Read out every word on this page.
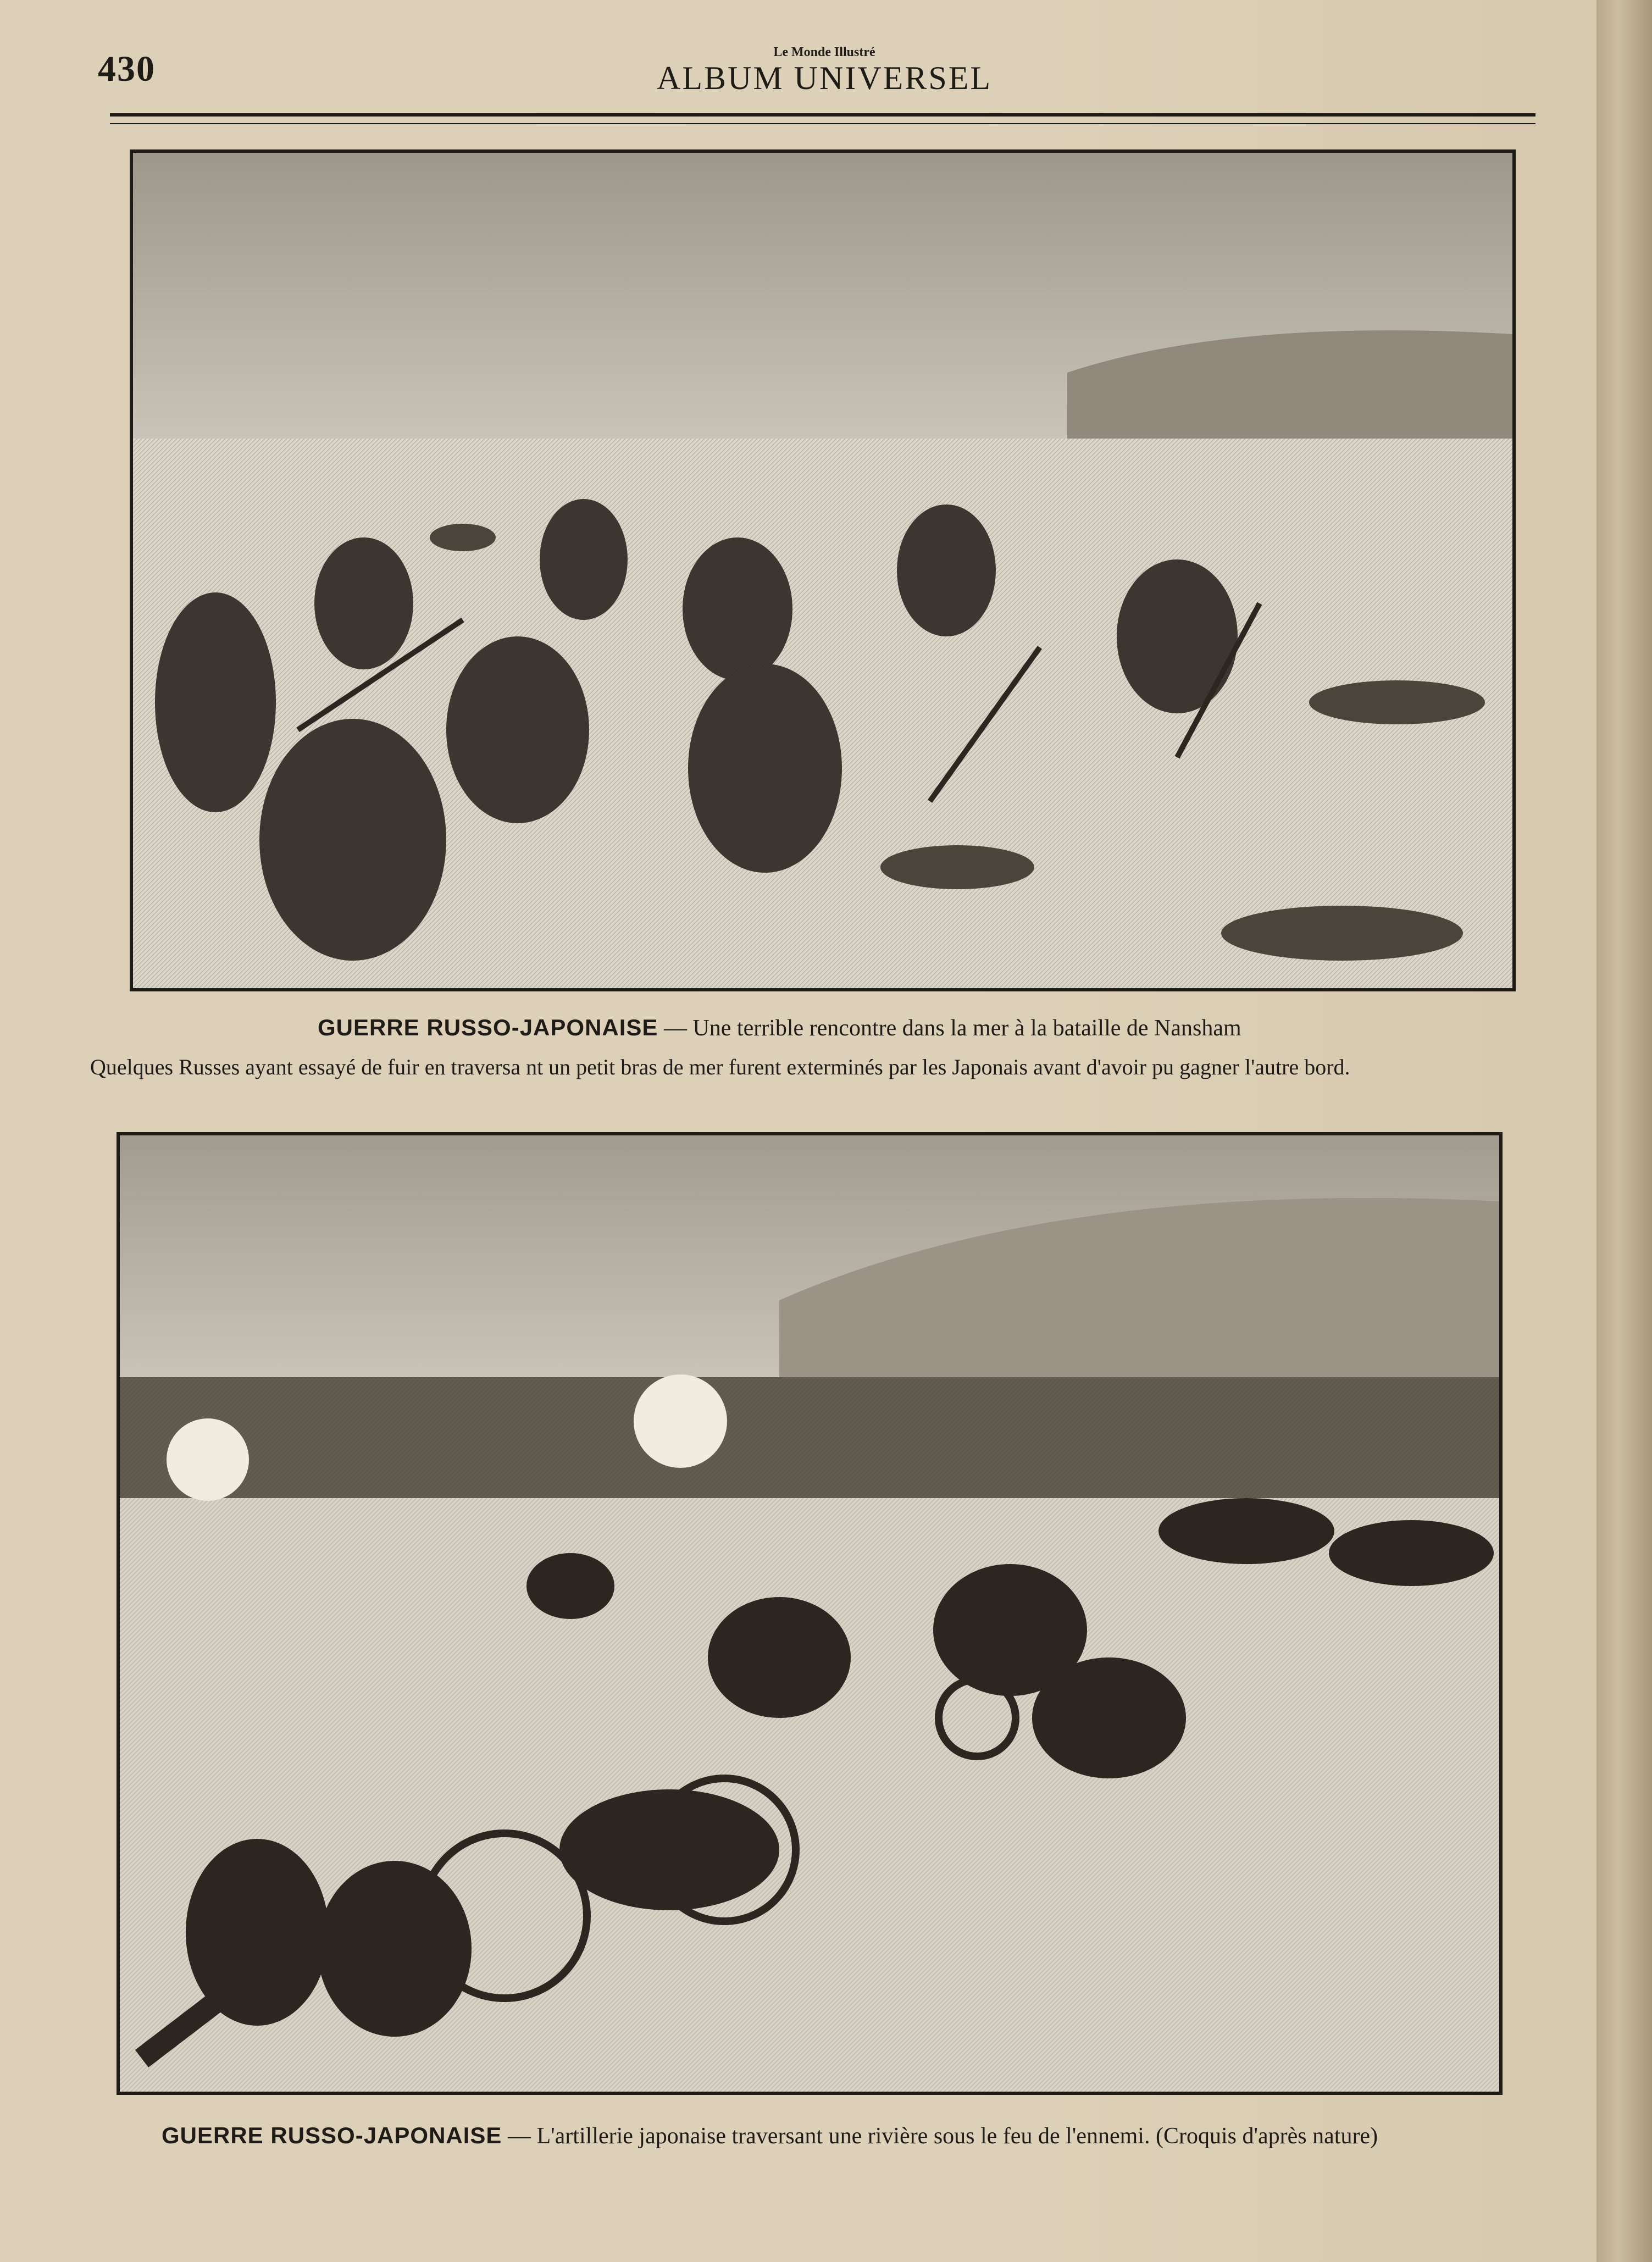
430	Le Monde Illustré
ALBUM UNIVERSEL
GUERRE RUSSO-JAPONAISE — Une terrible rencontre dans la mer à la bataille de Nansham
Quelques Russes ayant essayé de fuir en traversa nt un petit bras de mer furent exterminés par les Japonais avant d'avoir pu gagner l'autre bord.
GUERRE RUSSO-JAPONAISE — L'artillerie japonaise traversant une rivière sous le feu de l'ennemi. (Croquis d'après nature)
